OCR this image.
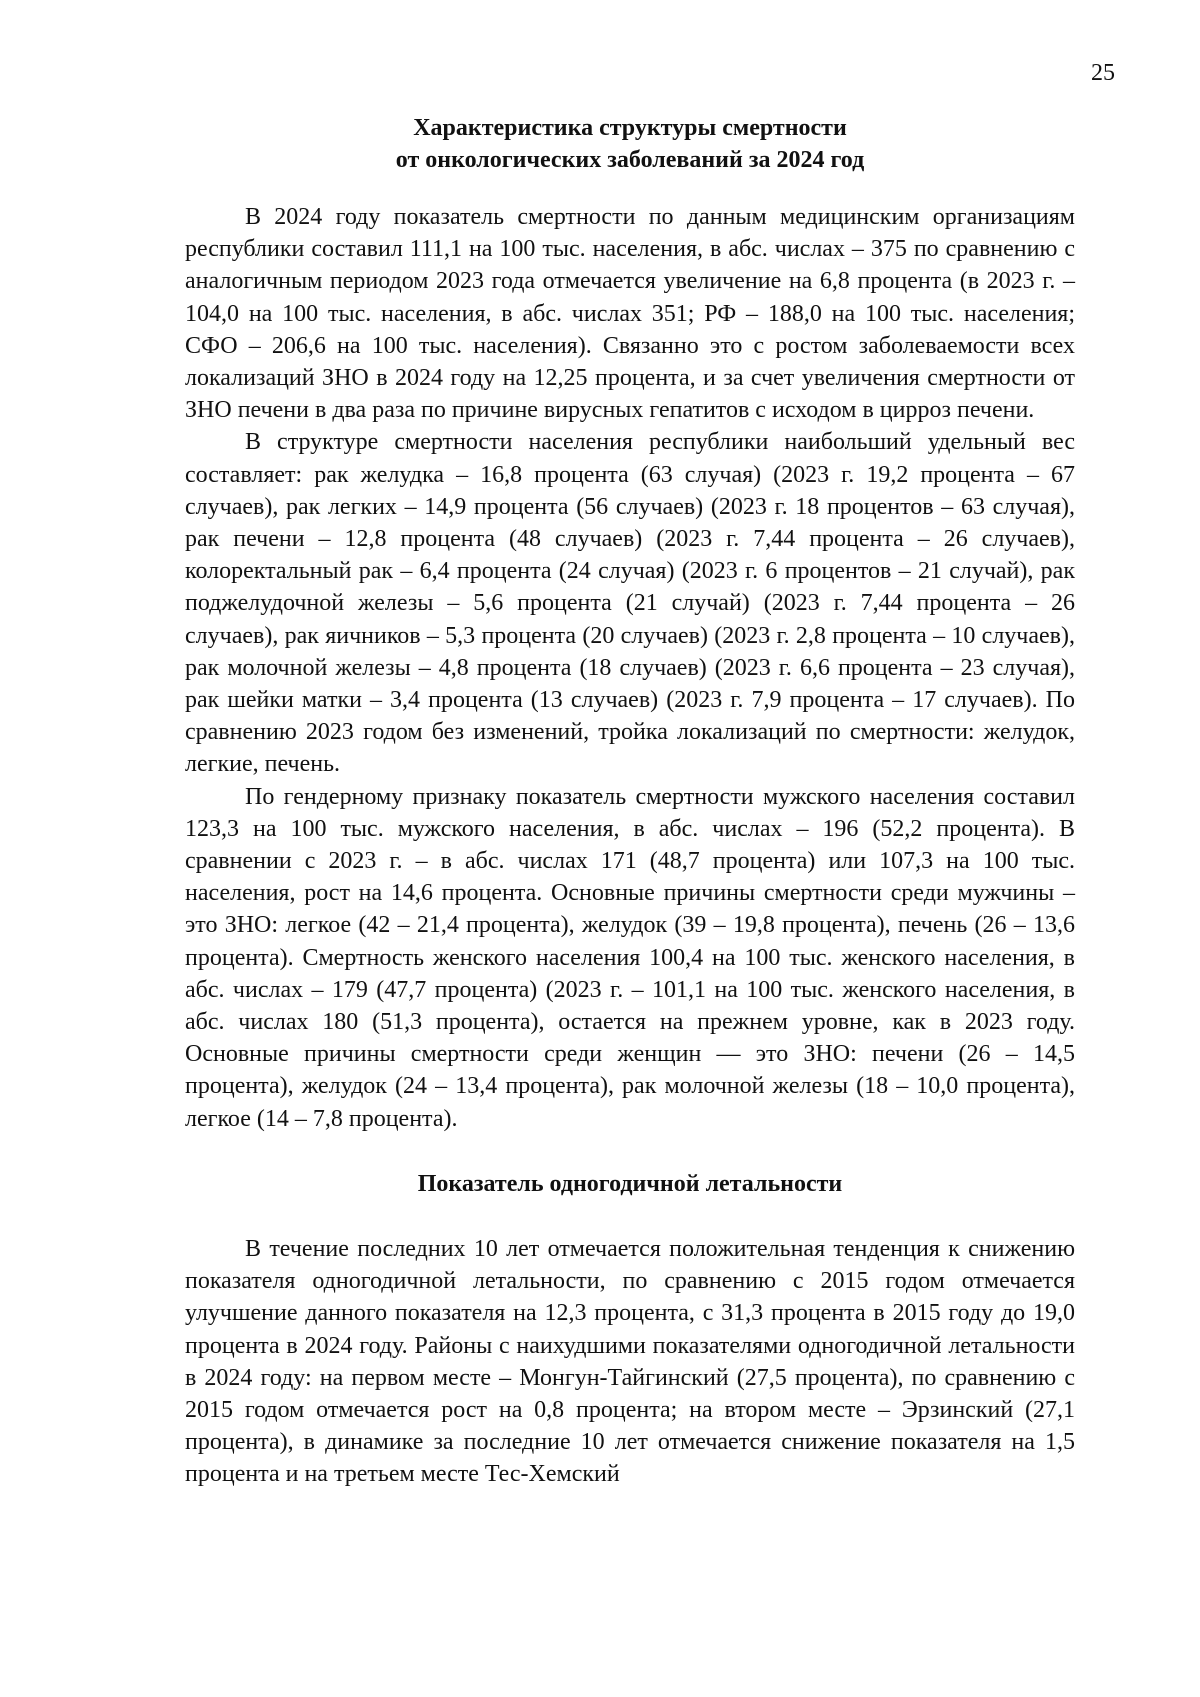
25
Характеристика структуры смертности
от онкологических заболеваний за 2024 год

В 2024 году показатель смертности по данным медицинским организациям республики составил 111,1 на 100 тыс. населения, в абс. числах – 375 по сравнению с аналогичным периодом 2023 года отмечается увеличение на 6,8 процента (в 2023 г. – 104,0 на 100 тыс. населения, в абс. числах 351; РФ – 188,0 на 100 тыс. населения; СФО – 206,6 на 100 тыс. населения). Связанно это с ростом заболеваемости всех локализаций ЗНО в 2024 году на 12,25 процента, и за счет увеличения смертности от ЗНО печени в два раза по причине вирусных гепатитов с исходом в цирроз печени.

В структуре смертности населения республики наибольший удельный вес составляет: рак желудка – 16,8 процента (63 случая) (2023 г. 19,2 процента – 67 случаев), рак легких – 14,9 процента (56 случаев) (2023 г. 18 процентов – 63 случая), рак печени – 12,8 процента (48 случаев) (2023 г. 7,44 процента – 26 случаев), колоректальный рак – 6,4 процента (24 случая) (2023 г. 6 процентов – 21 случай), рак поджелудочной железы – 5,6 процента (21 случай) (2023 г. 7,44 процента – 26 случаев), рак яичников – 5,3 процента (20 случаев) (2023 г. 2,8 процента – 10 случаев), рак молочной железы – 4,8 процента (18 случаев) (2023 г. 6,6 процента – 23 случая), рак шейки матки – 3,4 процента (13 случаев) (2023 г. 7,9 процента – 17 случаев). По сравнению 2023 годом без изменений, тройка локализаций по смертности: желудок, легкие, печень.

По гендерному признаку показатель смертности мужского населения составил 123,3 на 100 тыс. мужского населения, в абс. числах – 196 (52,2 процента). В сравнении с 2023 г. – в абс. числах 171 (48,7 процента) или 107,3 на 100 тыс. населения, рост на 14,6 процента. Основные причины смертности среди мужчины – это ЗНО: легкое (42 – 21,4 процента), желудок (39 – 19,8 процента), печень (26 – 13,6 процента). Смертность женского населения 100,4 на 100 тыс. женского населения, в абс. числах – 179 (47,7 процента) (2023 г. – 101,1 на 100 тыс. женского населения, в абс. числах 180 (51,3 процента), остается на прежнем уровне, как в 2023 году. Основные причины смертности среди женщин — это ЗНО: печени (26 – 14,5 процента), желудок (24 – 13,4 процента), рак молочной железы (18 – 10,0 процента), легкое (14 – 7,8 процента).

Показатель одногодичной летальности

В течение последних 10 лет отмечается положительная тенденция к снижению показателя одногодичной летальности, по сравнению с 2015 годом отмечается улучшение данного показателя на 12,3 процента, с 31,3 процента в 2015 году до 19,0 процента в 2024 году. Районы с наихудшими показателями одногодичной летальности в 2024 году: на первом месте – Монгун-Тайгинский (27,5 процента), по сравнению с 2015 годом отмечается рост на 0,8 процента; на втором месте – Эрзинский (27,1 процента), в динамике за последние 10 лет отмечается снижение показателя на 1,5 процента и на третьем месте Тес-Хемский
